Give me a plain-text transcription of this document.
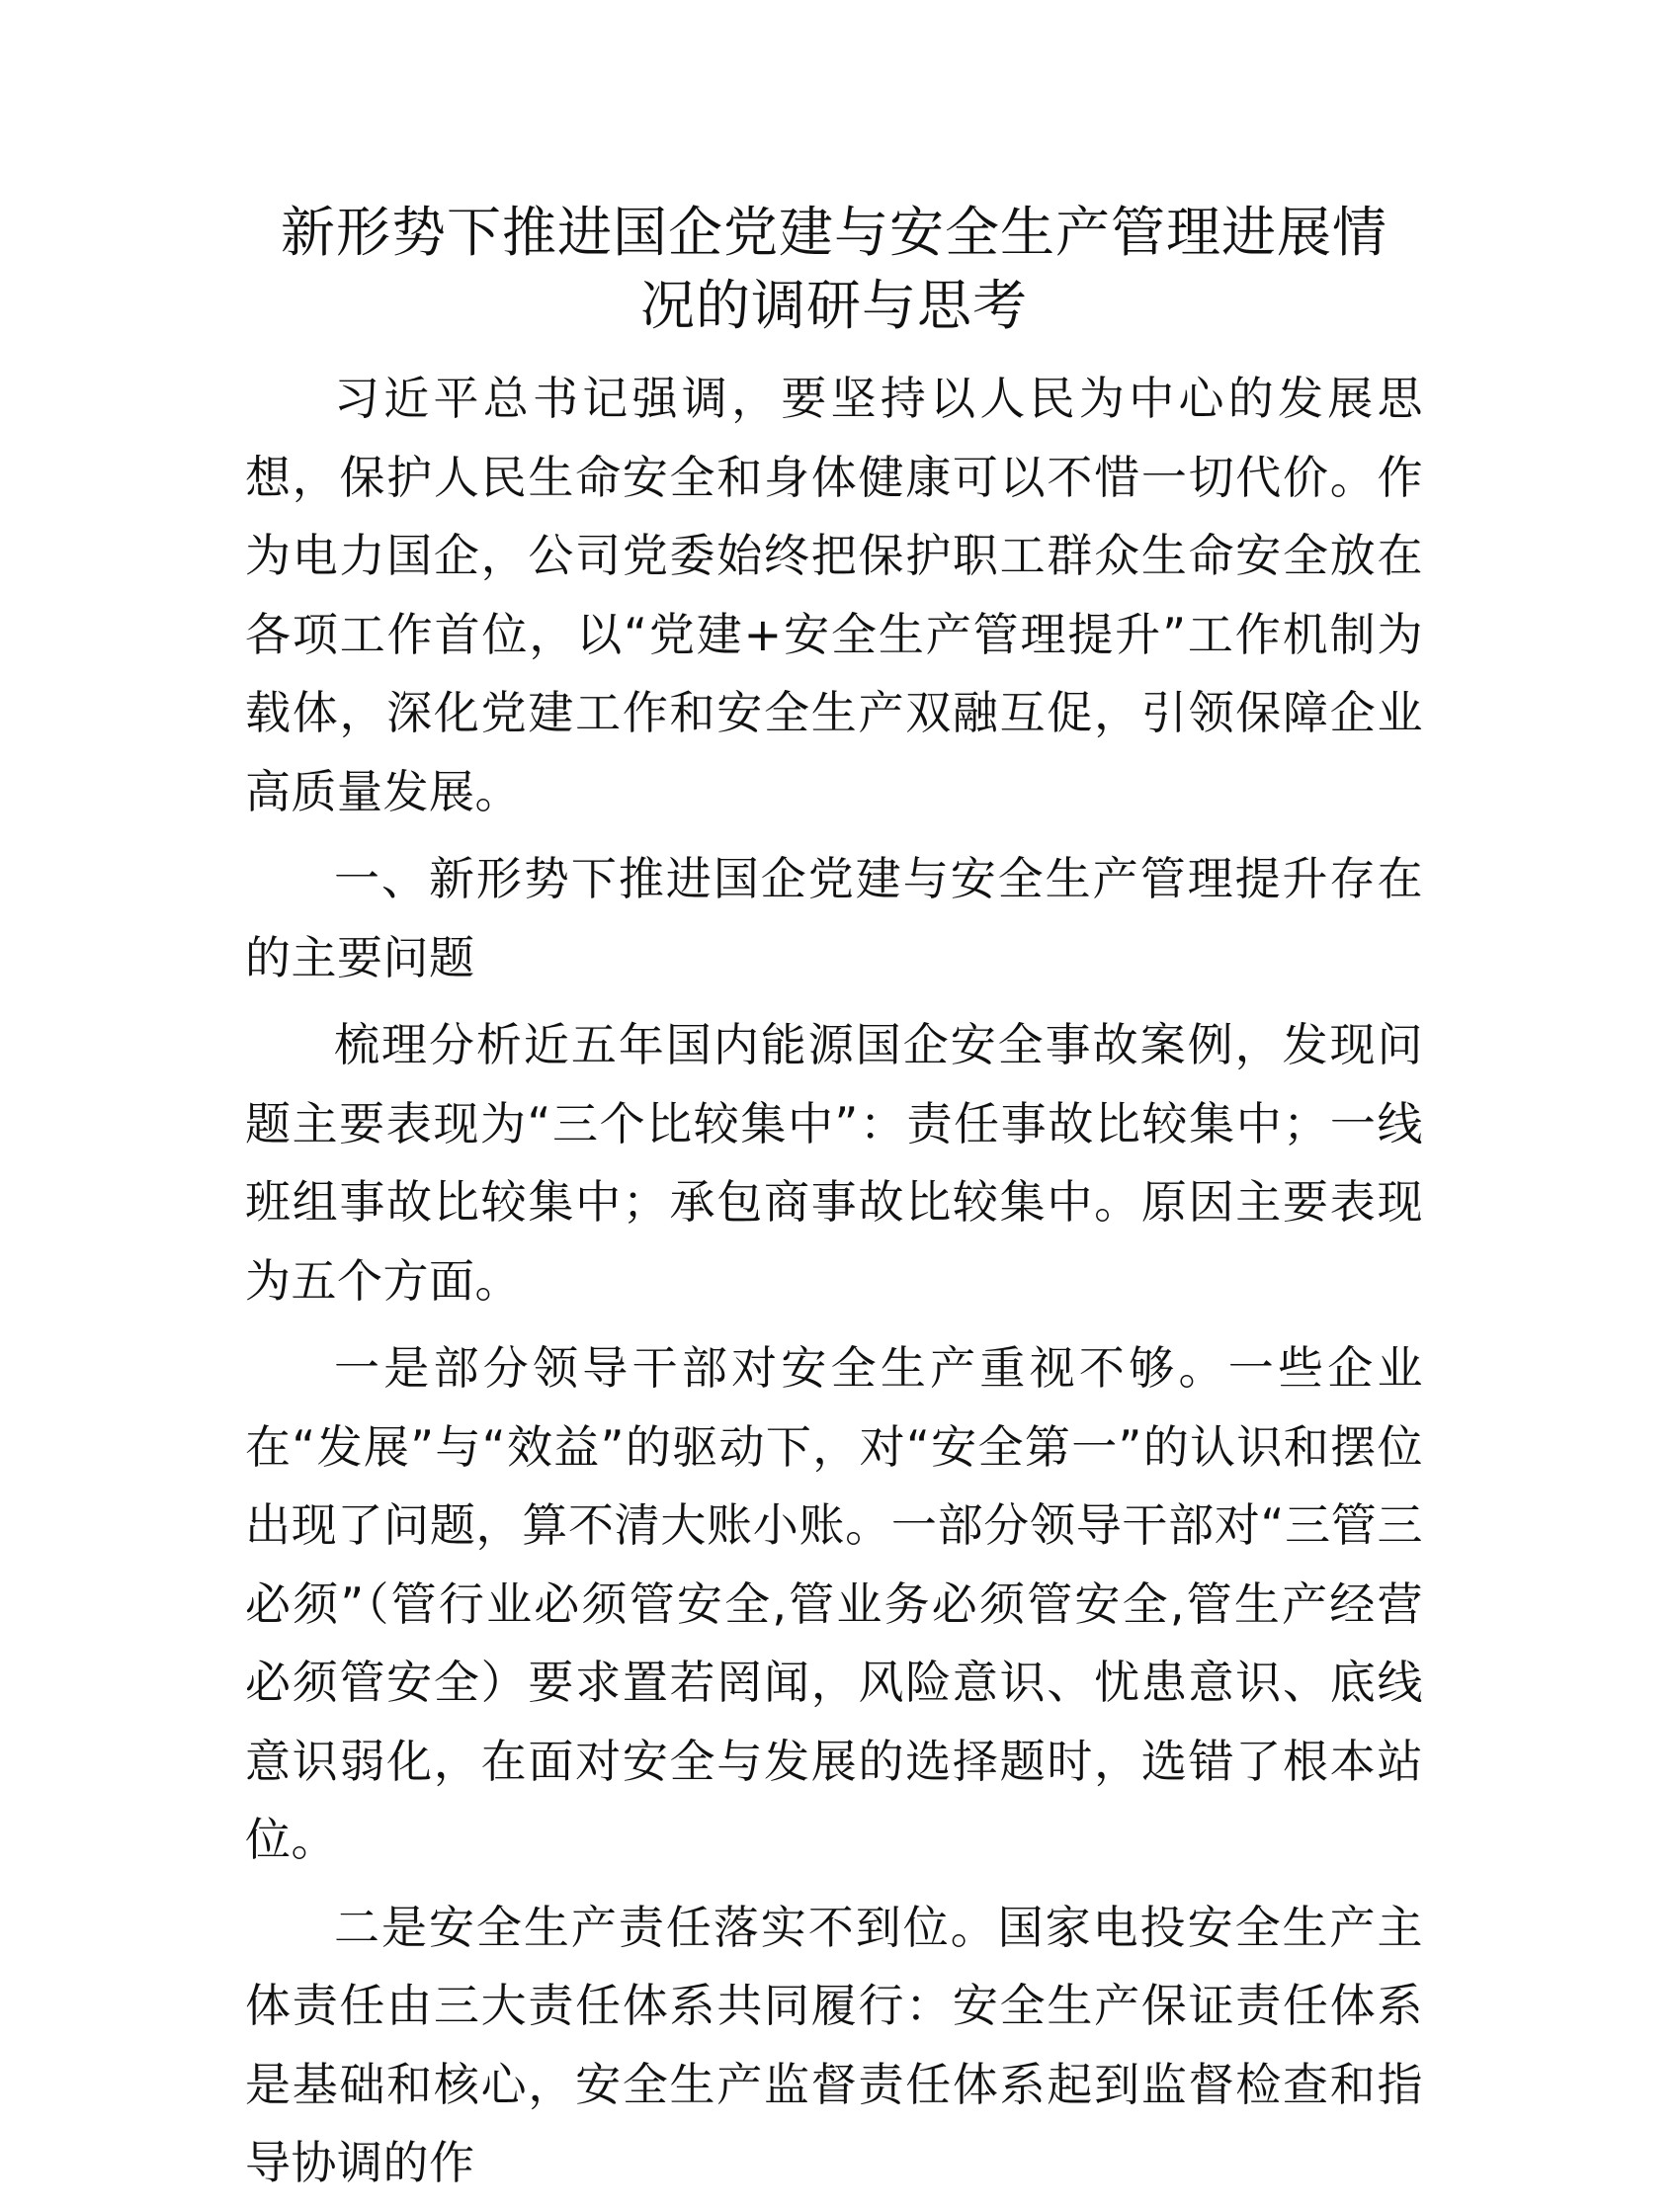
新形势下推进国企党建与安全生产管理进展情
况的调研与思考

习近平总书记强调，要坚持以人民为中心的发展思想，保护人民生命安全和身体健康可以不惜一切代价。作为电力国企，公司党委始终把保护职工群众生命安全放在各项工作首位，以“党建+安全生产管理提升”工作机制为载体，深化党建工作和安全生产双融互促，引领保障企业高质量发展。

一、新形势下推进国企党建与安全生产管理提升存在的主要问题

梳理分析近五年国内能源国企安全事故案例，发现问题主要表现为“三个比较集中”：责任事故比较集中；一线班组事故比较集中；承包商事故比较集中。原因主要表现为五个方面。

一是部分领导干部对安全生产重视不够。一些企业在“发展”与“效益”的驱动下，对“安全第一”的认识和摆位出现了问题，算不清大账小账。一部分领导干部对“三管三必须”（管行业必须管安全,管业务必须管安全,管生产经营必须管安全）要求置若罔闻，风险意识、忧患意识、底线意识弱化，在面对安全与发展的选择题时，选错了根本站位。

二是安全生产责任落实不到位。国家电投安全生产主体责任由三大责任体系共同履行：安全生产保证责任体系是基础和核心，安全生产监督责任体系起到监督检查和指导协调的作
